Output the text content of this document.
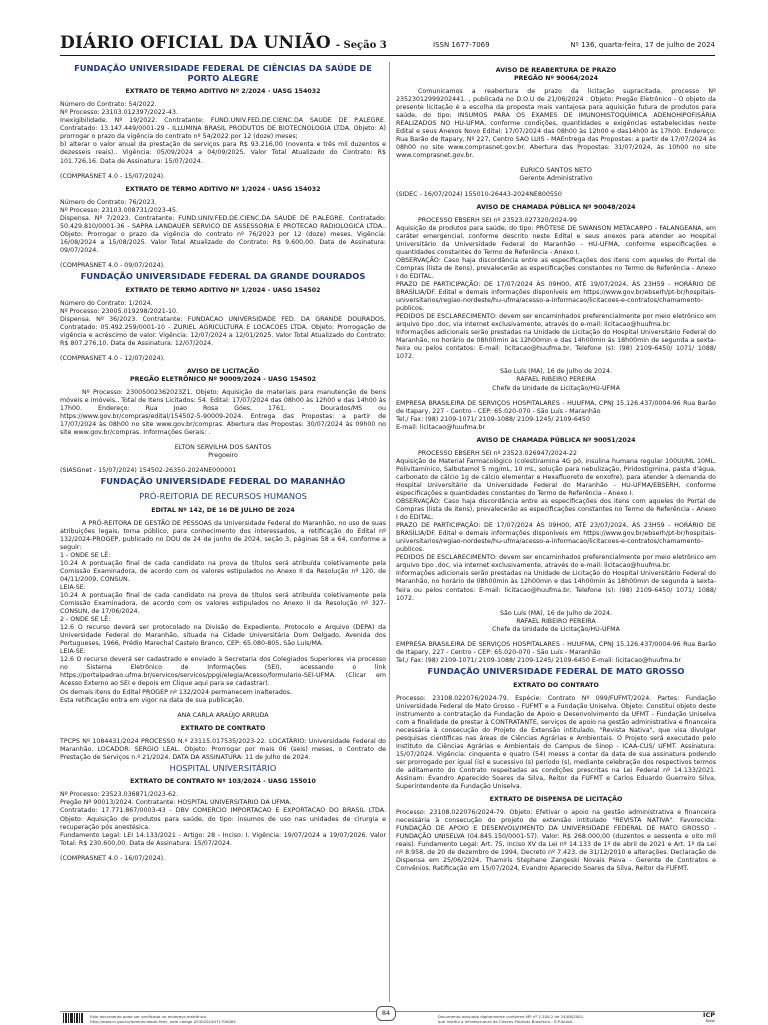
DIÁRIO OFICIAL DA UNIÃO - Seção 3	ISSN 1677-7069	Nº 136, quarta-feira, 17 de julho de 2024
FUNDAÇÃO UNIVERSIDADE FEDERAL DE CIÊNCIAS DA SAÚDE DE
PORTO ALEGRE
EXTRATO DE TERMO ADITIVO Nº 2/2024 - UASG 154032

Número do Contrato: 54/2022.
Nº Processo: 23103.012397/2022-43.
Inexigibilidade. Nº 19/2022. Contratante: FUND.UNIV.FED.DE.CIENC.DA SAUDE DE P.ALEGRE. Contratado: 13.147.449/0001-29 - ILLUMINA BRASIL PRODUTOS DE BIOTECNOLOGIA LTDA. Objeto: A) prorrogar o prazo da vigência do contrato nº 54/2022 por 12 (doze) meses;
b) alterar o valor anual da prestação de serviços para R$ 93.216,00 (noventa e três mil duzentos e dezesseis reais).. Vigência: 05/09/2024 a 04/09/2025. Valor Total Atualizado do Contrato: R$ 101.726,16. Data de Assinatura: 15/07/2024.

(COMPRASNET 4.0 - 15/07/2024).

EXTRATO DE TERMO ADITIVO Nº 1/2024 - UASG 154032

Número do Contrato: 76/2023.
Nº Processo: 23103.008731/2023-45.
Dispensa. Nº 7/2023. Contratante: FUND.UNIV.FED.DE.CIENC.DA SAUDE DE P.ALEGRE. Contratado: 50.429.810/0001-36 - SAPRA LANDAUER SERVICO DE ASSESSORIA E PROTECAO RADIOLOGICA LTDA.. Objeto: Prorrogar o prazo da vigência do contrato nº 76/2023 por 12 (doze) meses. Vigência: 16/08/2024 a 15/08/2025. Valor Total Atualizado do Contrato: R$ 9.600,00. Data de Assinatura: 09/07/2024.

(COMPRASNET 4.0 - 09/07/2024).

FUNDAÇÃO UNIVERSIDADE FEDERAL DA GRANDE DOURADOS
EXTRATO DE TERMO ADITIVO Nº 1/2024 - UASG 154502

Número do Contrato: 1/2024.
Nº Processo: 23005.019298/2021-10.
Dispensa. Nº 36/2023. Contratante: FUNDACAO UNIVERSIDADE FED. DA GRANDE DOURADOS. Contratado: 05.492.259/0001-10 - ZURIEL AGRICULTURA E LOCACOES LTDA. Objeto: Prorrogação de vigência e acréscimo de valor. Vigência: 12/07/2024 a 12/01/2025. Valor Total Atualizado do Contrato: R$ 807.276,10. Data de Assinatura: 12/07/2024.

(COMPRASNET 4.0 - 12/07/2024).

AVISO DE LICITAÇÃO
PREGÃO ELETRÔNICO Nº 90009/2024 - UASG 154502

Nº Processo: 23005002362023Z1. Objeto: Aquisição de materiais para manutenção de bens móveis e imóveis.. Total de Itens Licitados: 54. Edital: 17/07/2024 das 08h00 às 12h00 e das 14h00 às 17h00. Endereço: Rua Joao Rosa Góes, 1761, - Dourados/MS ou https://www.gov.br/compras/edital/154502-5-90009-2024. Entrega das Propostas: a partir de 17/07/2024 às 08h00 no site www.gov.br/compras. Abertura das Propostas: 30/07/2024 às 09h00 no site www.gov.br/compras. Informações Gerais: .

ELTON SERVILHA DOS SANTOS
Pregoeiro

(SIASGnet - 15/07/2024) 154502-26350-2024NE000001

FUNDAÇÃO UNIVERSIDADE FEDERAL DO MARANHÃO
PRÓ-REITORIA DE RECURSOS HUMANOS
EDITAL Nº 142, DE 16 DE JULHO DE 2024

A PRÓ-REITORA DE GESTÃO DE PESSOAS da Universidade Federal do Maranhão, no uso de suas atribuições legais, torna público, para conhecimento dos interessados, a retificação do Edital nº 132/2024-PROGEP, publicado no DOU de 24 de junho de 2024, seção 3, páginas 58 a 64, conforme a seguir:
1 - ONDE SE LÊ:
10.24 A pontuação final de cada candidato na prova de títulos será atribuída coletivamente pela Comissão Examinadora, de acordo com os valores estipulados no Anexo II da Resolução nº 120, de 04/11/2009, CONSUN.
LEIA-SE:
10.24 A pontuação final de cada candidato na prova de títulos será atribuída coletivamente pela Comissão Examinadora, de acordo com os valores estipulados no Anexo II da Resolução nº 327-CONSUN, de 17/06/2024.
2 - ONDE SE LÊ:
12.6 O recurso deverá ser protocolado na Divisão de Expediente, Protocolo e Arquivo (DEPA) da Universidade Federal do Maranhão, situada na Cidade Universitária Dom Delgado, Avenida dos Portugueses, 1966, Prédio Marechal Castelo Branco, CEP: 65.080-805, São Luís/MA.
LEIA-SE:
12.6 O recurso deverá ser cadastrado e enviado à Secretaria dos Colegiados Superiores via processo no Sistema Eletrônico de Informações (SEI), acessando o link https://portalpadrao.ufma.br/servicos/servicos/ppgi/elegia/Acesso/formulario-SEI-UFMA. (Clicar em Acesso Externo ao SEI e depois em Clique aqui para se cadastrar).
Os demais itens do Edital PROGEP nº 132/2024 permanecem inalterados.
Esta retificação entra em vigor na data de sua publicação.

ANA CARLA ARAÚJO ARRUDA

EXTRATO DE CONTRATO

TPCPS Nº 1084431/2024 PROCESSO N.º 23115.017535/2023-22. LOCATÁRIO: Universidade Federal do Maranhão. LOCADOR: SERGIO LEAL. Objeto: Prorrogar por mais 06 (seis) meses, o Contrato de Prestação de Serviços n.º 21/2024. DATA DA ASSINATURA: 11 de Julho de 2024.

HOSPITAL UNIVERSITÁRIO
EXTRATO DE CONTRATO Nº 103/2024 - UASG 155010

Nº Processo: 23523.036871/2023-62.
Pregão Nº 90013/2024. Contratante: HOSPITAL UNIVERSITARIO DA UFMA.
Contratado: 17.771.867/0003-43 - DBV COMERCIO IMPORTACAO E EXPORTACAO DO BRASIL LTDA. Objeto: Aquisição de produtos para saúde, do tipo: insumos de uso nas unidades de cirurgia e recuperação pós anestésica.
Fundamento Legal: LEI 14.133/2021 - Artigo: 28 - Inciso: I. Vigência: 19/07/2024 a 19/07/2026. Valor Total: R$ 230.600,00. Data de Assinatura: 15/07/2024.

(COMPRASNET 4.0 - 16/07/2024).

AVISO DE REABERTURA DE PRAZO
PREGÃO Nº 90064/2024

Comunicamos a reabertura de prazo da licitação supracitada, processo Nº 23523012999202441. , publicada no D.O.U de 21/06/2024 . Objeto: Pregão Eletrônico - O objeto da presente licitação é a escolha da proposta mais vantajosa para aquisição futura de produtos para saúde, do tipo: INSUMOS PARA OS EXAMES DE IMUNOHISTOQUÍMICA ADENOHIPOFISÁRIA REALIZADOS NO HU-UFMA, conforme condições, quantidades e exigências estabelecidas neste Edital e seus Anexos Novo Edital: 17/07/2024 das 08h00 às 12h00 e das14h00 às 17h00. Endereço: Rua Barão de Itapary, Nº 227, Centro SAO LUIS - MAEntrega das Propostas: a partir de 17/07/2024 às 08h00 no site www.comprasnet.gov.br. Abertura das Propostas: 31/07/2024, às 10h00 no site www.comprasnet.gov.br.

EURICO SANTOS NETO
Gerente Administrativo

(SIDEC - 16/07/2024) 155010-26443-2024NE800550

AVISO DE CHAMADA PÚBLICA Nº 90048/2024

PROCESSO EBSERH SEI nº 23523.027320/2024-99
Aquisição de produtos para saúde, do tipo: PRÓTESE DE SWANSON METACARPO - FALANGEANA, em caráter emergencial, conforme descrito neste Edital e seus anexos para atender ao Hospital Universitário da Universidade Federal do Maranhão - HU-UFMA, conforme especificações e quantidades constantes do Termo de Referência - Anexo I.
OBSERVAÇÃO: Caso haja discordância entre as especificações dos itens com aqueles do Portal de Compras (lista de itens), prevalecerão as especificações constantes no Termo de Referência - Anexo I do EDITAL.
PRAZO DE PARTICIPAÇÃO: DE 17/07/2024 ÀS 09H00, ATÉ 19/07/2024, ÀS 23H59 - HORÁRIO DE BRASÍLIA/DF. Edital e demais informações disponíveis em https://www.gov.br/ebserh/pt-br/hospitais-universitarios/regiao-nordeste/hu-ufma/acesso-a-informacao/licitacoes-e-contratos/chamamento-publicos.
PEDIDOS DE ESCLARECIMENTO: devem ser encaminhados preferencialmente por meio eletrônico em arquivo tipo .doc, via internet exclusivamente, através do e-mail: licitacao@huufma.br.
Informações adicionais serão prestadas na Unidade de Licitação do Hospital Universitário Federal do Maranhão, no horário de 08h00min às 12h00min e das 14h00min às 18h00min de segunda a sexta-feira ou pelos contatos: E-mail: licitacao@huufma.br, Telefone (s): (98) 2109-6450/ 1071/ 1088/ 1072.

São Luís (MA), 16 de Julho de 2024.

RAFAEL RIBEIRO PEREIRA
Chefe da Unidade de Licitação/HU-UFMA

EMPRESA BRASILEIRA DE SERVIÇOS HOSPITALARES - HUUFMA, CPNJ 15.126.437/0004-96 Rua Barão de Itapary, 227 - Centro - CEP: 65.020-070 - São Luís - Maranhão
Tel./ Fax: (98) 2109-1071/ 2109-1088/ 2109-1245/ 2109-6450
E-mail: licitacao@huufma.br

AVISO DE CHAMADA PÚBLICA Nº 90051/2024

PROCESSO EBSERH SEI nº 23523.026947/2024-22
Aquisição de Material Farmacológico (colestiramina 4G pó, insulina humana regular 100UI/ML 10ML, Polivitamínico, Salbutamol 5 mg/mL, 10 mL, solução para nebulização, Piridostigmina, pasta d'água, carbonato de cálcio 1g de cálcio elementar e Hexafluoreto de enxofre), para atender à demanda do Hospital Universitário da Universidade Federal do Maranhão - HU-UFMA/EBSERH, conforme especificações e quantidades constantes do Termo de Referência - Anexo I.
OBSERVAÇÃO: Caso haja discordância entre as especificações dos itens com aqueles do Portal de Compras (lista de itens), prevalecerão as especificações constantes no Termo de Referência - Anexo I do EDITAL.
PRAZO DE PARTICIPAÇÃO: DE 17/07/2024 ÀS 09H00, ATÉ 23/07/2024, ÀS 23H59 - HORÁRIO DE BRASÍLIA/DF. Edital e demais informações disponíveis em https://www.gov.br/ebserh/pt-br/hospitais-universitarios/regiao-nordeste/hu-ufma/acesso-a-informacao/licitacoes-e-contratos/chamamento-publicos.
PEDIDOS DE ESCLARECIMENTO: devem ser encaminhados preferencialmente por meio eletrônico em arquivo tipo .doc, via internet exclusivamente, através do e-mail: licitacao@huufma.br.
Informações adicionais serão prestadas na Unidade de Licitação do Hospital Universitário Federal do Maranhão, no horário de 08h00min às 12h00min e das 14h00min às 18h00min de segunda a sexta-feira ou pelos contatos: E-mail: licitacao@huufma.br, Telefone (s): (98) 2109-6450/ 1071/ 1088/ 1072.

São Luís (MA), 16 de Julho de 2024.

RAFAEL RIBEIRO PEREIRA
Chefe da Unidade de Licitação/HU-UFMA

EMPRESA BRASILEIRA DE SERVIÇOS HOSPITALARES - HUUFMA, CPNJ 15.126.437/0004-96 Rua Barão de Itapary, 227 - Centro - CEP: 65.020-070 - São Luís - Maranhão
Tel./ Fax: (98) 2109-1071/ 2109-1088/ 2109-1245/ 2109-6450 E-mail: licitacao@huufma.br

FUNDAÇÃO UNIVERSIDADE FEDERAL DE MATO GROSSO
EXTRATO DO CONTRATO

Processo: 23108.022076/2024-79. Espécie: Contrato Nº 099/FUFMT/2024. Partes: Fundação Universidade Federal de Mato Grosso - FUFMT e a Fundação Uniselva. Objeto: Constitui objeto deste instrumento a contratação da Fundação de Apoio e Desenvolvimento da UFMT - Fundação Uniselva com a finalidade de prestar à CONTRATANTE, serviços de apoio na gestão administrativa e financeira necessária à consecução do Projeto de Extensão intitulado, "Revista Nativa", que visa divulgar pesquisas científicas nas áreas de Ciências Agrárias e Ambientais. O Projeto será executado pelo Instituto de Ciências Agrárias e Ambientais do Campus de Sinop - ICAA-CUS/ UFMT. Assinatura: 15/07/2024. Vigência: cinquenta e quatro (54) meses a contar da data de sua assinatura podendo ser prorrogado por igual (is) e sucessivo (s) período (s), mediante celebração dos respectivos termos de aditamento do Contrato respeitadas as condições prescritas na Lei Federal nº 14.133/2021. Assinam: Evandro Aparecido Soares da Silva, Reitor da FUFMT e Carlos Eduardo Guerreiro Silva, Superintendente da Fundação Uniselva.

EXTRATO DE DISPENSA DE LICITAÇÃO

Processo: 23108.022076/2024-79. Objeto: Efetivar o apoio na gestão administrativa e financeira necessária à consecução do projeto de extensão intitulado "REVISTA NATIVA". Favorecida: FUNDAÇÃO DE APOIO E DESENVOLVIMENTO DA UNIVERSIDADE FEDERAL DE MATO GROSSO - FUNDAÇÃO UNISELVA (04.845.150/0001-57). Valor: R$ 268.000,00 (duzentos e sessenta e oito mil reais). Fundamento Legal: Art. 75, inciso XV da Lei nº 14.133 de 1º de abril de 2021 e Art. 1º da Lei nº 8.958, de 20 de dezembro de 1994, Decreto nº 7.423, de 31/12/2010 e alterações. Declaração de Dispensa em 25/06/2024, Thamiris Stephane Zangeski Novais Paiva - Gerente de Contratos e Convênios. Ratificação em 15/07/2024, Evandro Aparecido Soares da Silva, Reitor da FUFMT.

Este documento pode ser verificado no endereço eletrônico
http://www.in.gov.br/autenticidade.html, pelo código 05302024071700084
84	Documento assinado digitalmente conforme MP nº 2.200-2 de 24/08/2001,
que institui a Infraestrutura de Chaves Públicas Brasileira - ICP-Brasil.
ICP
Brasil
